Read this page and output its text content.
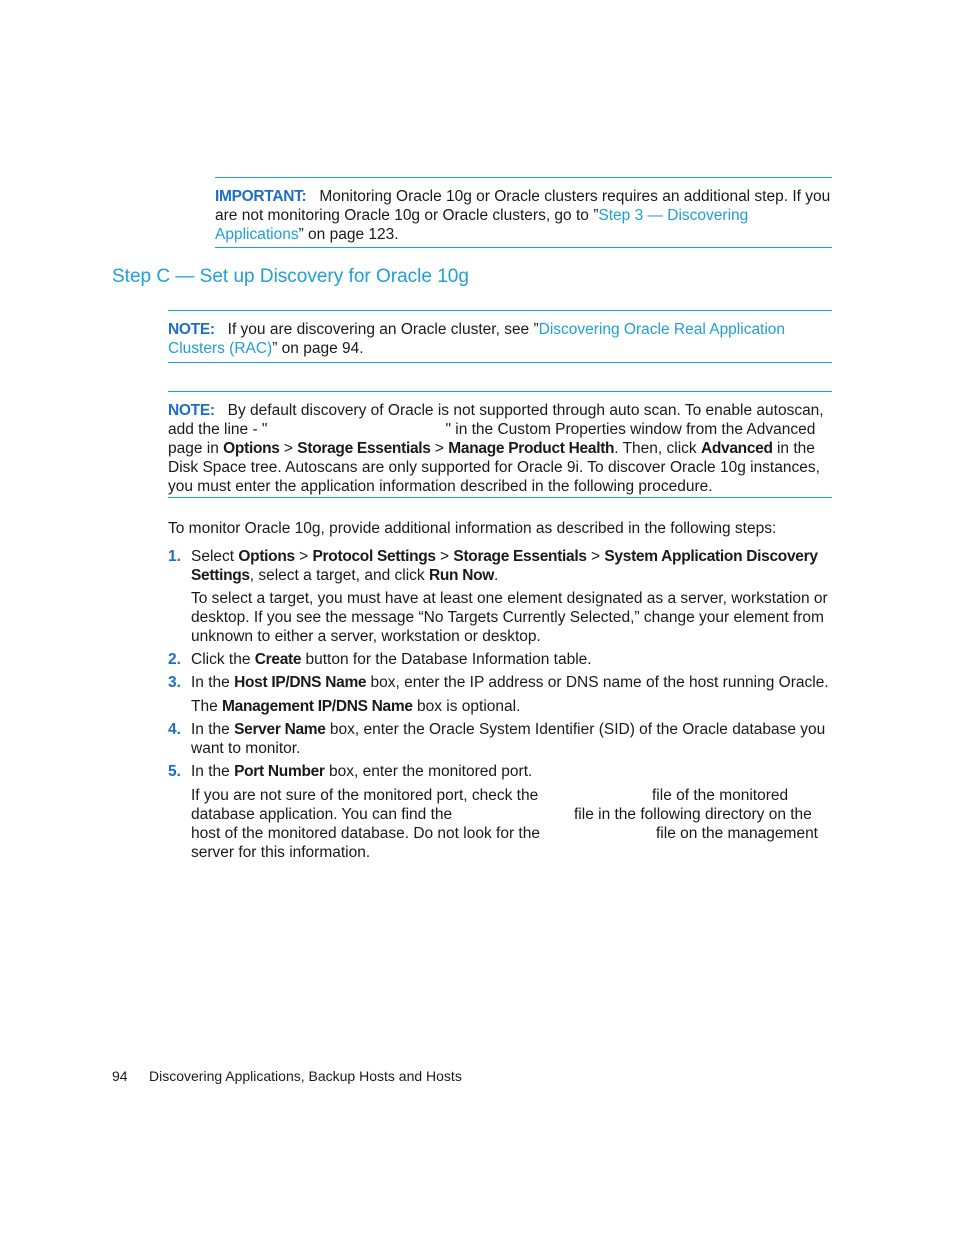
IMPORTANT: Monitoring Oracle 10g or Oracle clusters requires an additional step. If you are not monitoring Oracle 10g or Oracle clusters, go to ”Step 3 — Discovering Applications” on page 123.
Step C — Set up Discovery for Oracle 10g
NOTE: If you are discovering an Oracle cluster, see ”Discovering Oracle Real Application Clusters (RAC)” on page 94.
NOTE: By default discovery of Oracle is not supported through auto scan. To enable autoscan, add the line - "	" in the Custom Properties window from the Advanced page in Options > Storage Essentials > Manage Product Health. Then, click Advanced in the Disk Space tree. Autoscans are only supported for Oracle 9i. To discover Oracle 10g instances, you must enter the application information described in the following procedure.
To monitor Oracle 10g, provide additional information as described in the following steps:
1. Select Options > Protocol Settings > Storage Essentials > System Application Discovery Settings, select a target, and click Run Now.
To select a target, you must have at least one element designated as a server, workstation or desktop. If you see the message “No Targets Currently Selected,” change your element from unknown to either a server, workstation or desktop.
2. Click the Create button for the Database Information table.
3. In the Host IP/DNS Name box, enter the IP address or DNS name of the host running Oracle.
The Management IP/DNS Name box is optional.
4. In the Server Name box, enter the Oracle System Identifier (SID) of the Oracle database you want to monitor.
5. In the Port Number box, enter the monitored port.
If you are not sure of the monitored port, check the	file of the monitored
database application. You can find the	file in the following directory on the
host of the monitored database. Do not look for the	file on the management
server for this information.
94 Discovering Applications, Backup Hosts and Hosts
